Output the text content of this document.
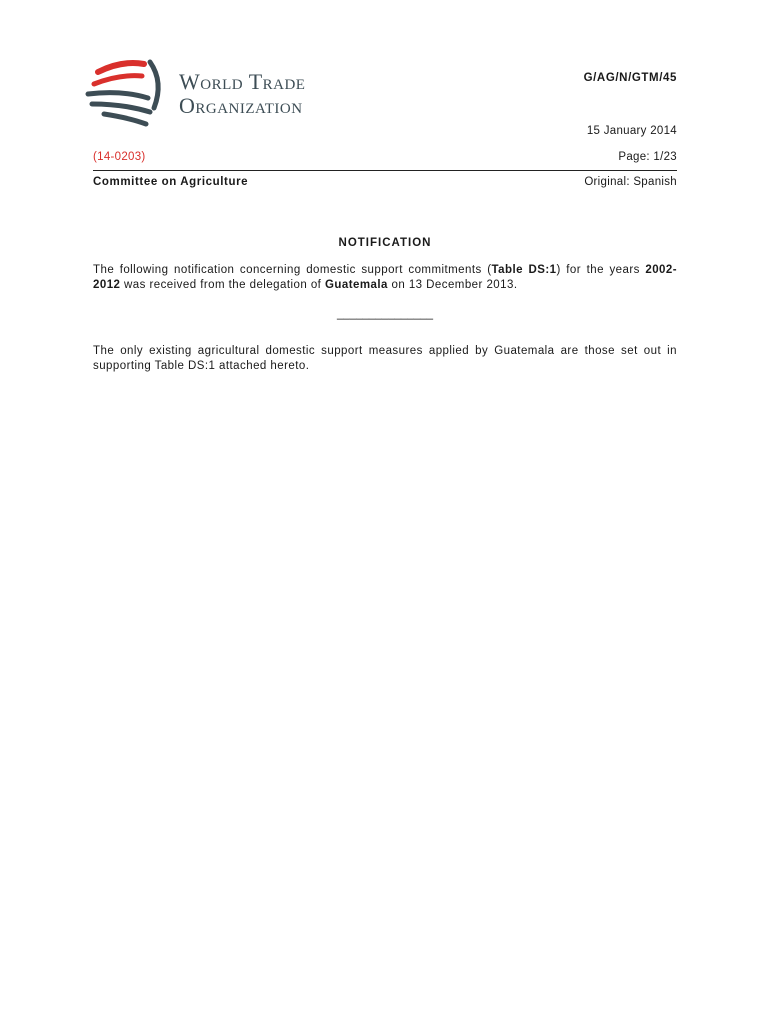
World Trade
Organization
G/AG/N/GTM/45
15 January 2014
(14-0203)	Page: 1/23
Committee on Agriculture	Original: Spanish
NOTIFICATION

The following notification concerning domestic support commitments (Table DS:1) for the years 2002-2012 was received from the delegation of Guatemala on 13 December 2013.

_______________

The only existing agricultural domestic support measures applied by Guatemala are those set out in supporting Table DS:1 attached hereto.
